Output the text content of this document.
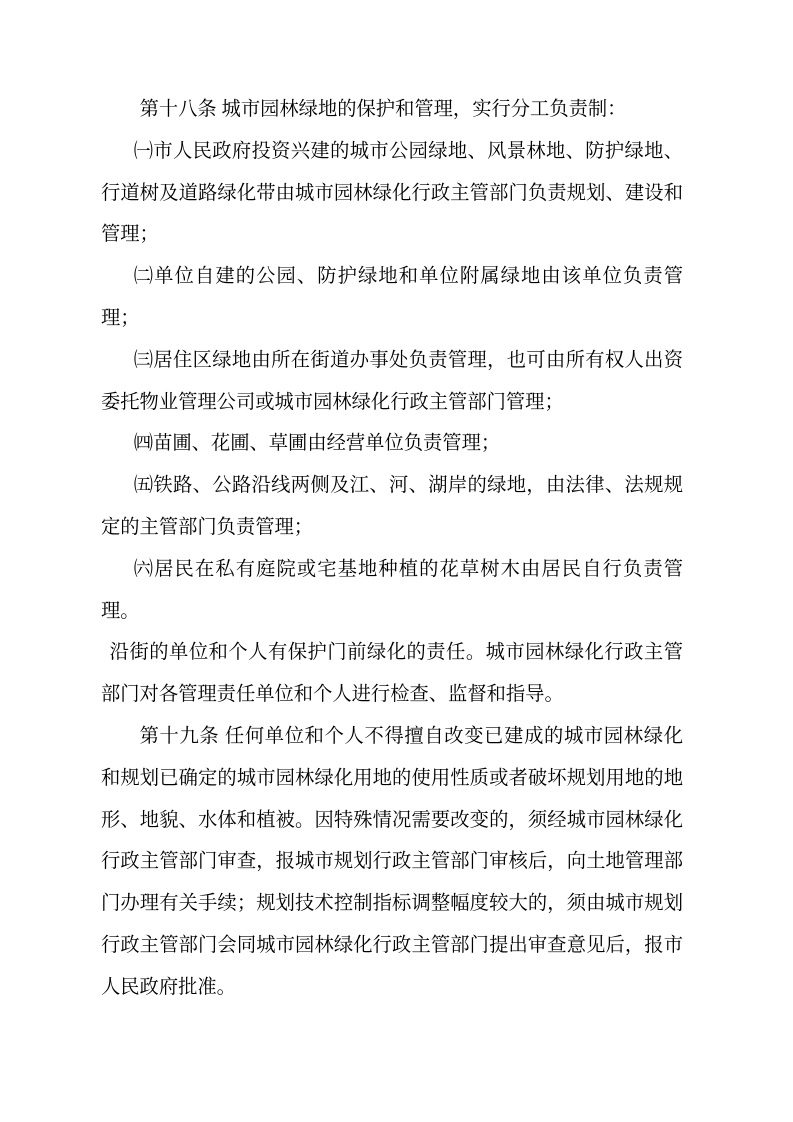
第十八条 城市园林绿地的保护和管理，实行分工负责制：

㈠市人民政府投资兴建的城市公园绿地、风景林地、防护绿地、行道树及道路绿化带由城市园林绿化行政主管部门负责规划、建设和管理；

㈡单位自建的公园、防护绿地和单位附属绿地由该单位负责管理；

㈢居住区绿地由所在街道办事处负责管理，也可由所有权人出资委托物业管理公司或城市园林绿化行政主管部门管理；

㈣苗圃、花圃、草圃由经营单位负责管理；

㈤铁路、公路沿线两侧及江、河、湖岸的绿地，由法律、法规规定的主管部门负责管理；

㈥居民在私有庭院或宅基地种植的花草树木由居民自行负责管理。

沿街的单位和个人有保护门前绿化的责任。城市园林绿化行政主管部门对各管理责任单位和个人进行检查、监督和指导。

第十九条 任何单位和个人不得擅自改变已建成的城市园林绿化和规划已确定的城市园林绿化用地的使用性质或者破坏规划用地的地形、地貌、水体和植被。因特殊情况需要改变的，须经城市园林绿化行政主管部门审查，报城市规划行政主管部门审核后，向土地管理部门办理有关手续；规划技术控制指标调整幅度较大的，须由城市规划行政主管部门会同城市园林绿化行政主管部门提出审查意见后，报市人民政府批准。
